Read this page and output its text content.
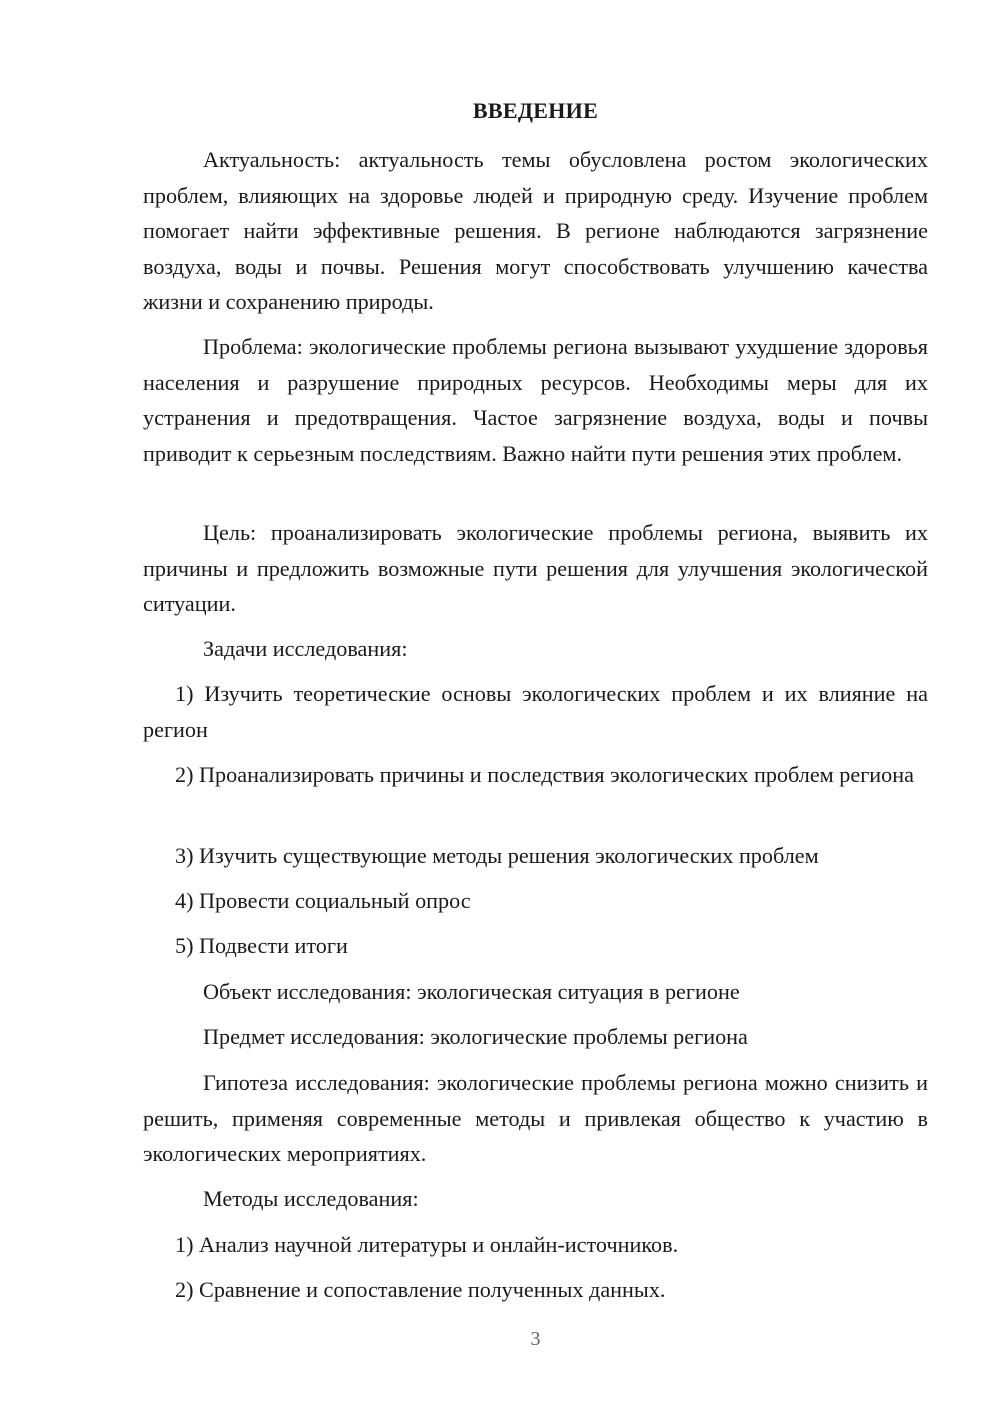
ВВЕДЕНИЕ

Актуальность: актуальность темы обусловлена ростом экологических проблем, влияющих на здоровье людей и природную среду. Изучение проблем помогает найти эффективные решения. В регионе наблюдаются загрязнение воздуха, воды и почвы. Решения могут способствовать улучшению качества жизни и сохранению природы.

Проблема: экологические проблемы региона вызывают ухудшение здоровья населения и разрушение природных ресурсов. Необходимы меры для их устранения и предотвращения. Частое загрязнение воздуха, воды и почвы приводит к серьезным последствиям. Важно найти пути решения этих проблем.

Цель: проанализировать экологические проблемы региона, выявить их причины и предложить возможные пути решения для улучшения экологической ситуации.

Задачи исследования:

1) Изучить теоретические основы экологических проблем и их влияние на регион

2) Проанализировать причины и последствия экологических проблем региона

3) Изучить существующие методы решения экологических проблем

4) Провести социальный опрос

5) Подвести итоги

Объект исследования: экологическая ситуация в регионе

Предмет исследования: экологические проблемы региона

Гипотеза исследования: экологические проблемы региона можно снизить и решить, применяя современные методы и привлекая общество к участию в экологических мероприятиях.

Методы исследования:

1) Анализ научной литературы и онлайн-источников.

2) Сравнение и сопоставление полученных данных.

3
